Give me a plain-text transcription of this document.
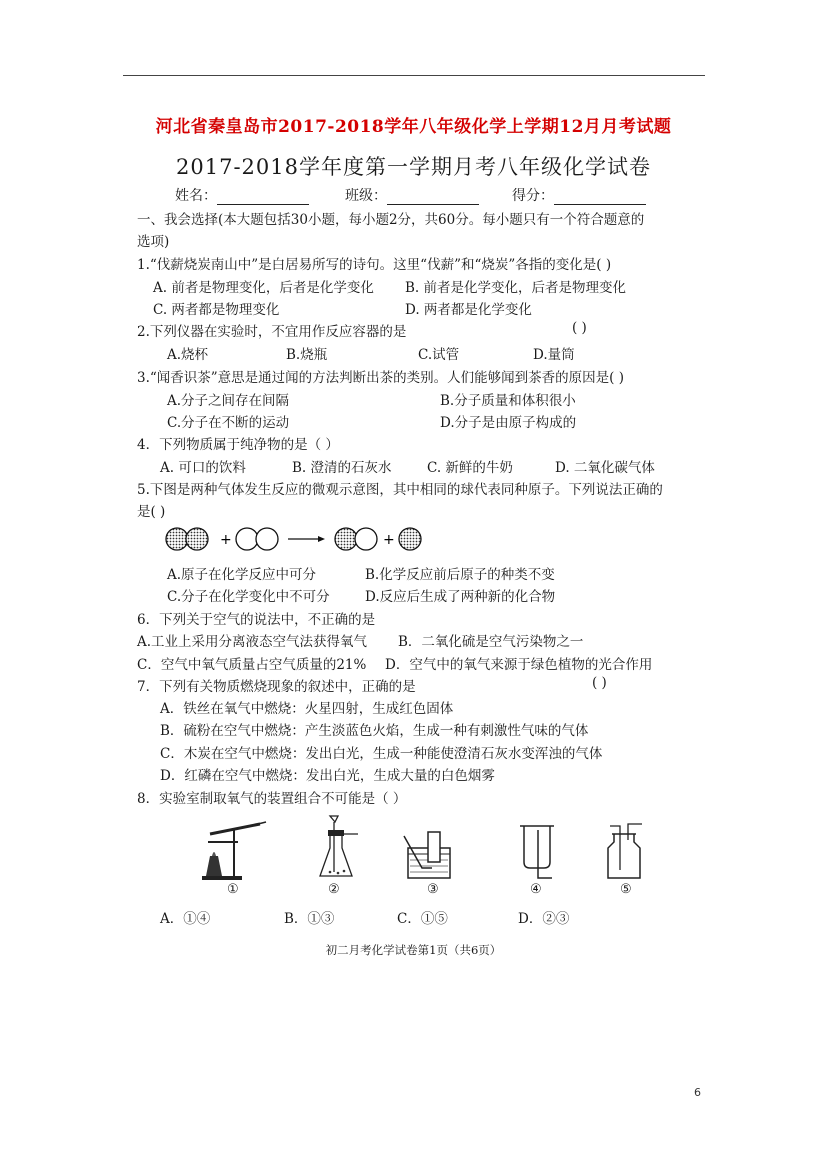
河北省秦皇岛市2017-2018学年八年级化学上学期12月月考试题
2017-2018学年度第一学期月考八年级化学试卷
姓名：	班级：	得分：
一、我会选择(本大题包括30小题，每小题2分，共60分。每小题只有一个符合题意的
选项)
1.“伐薪烧炭南山中”是白居易所写的诗句。这里“伐薪”和“烧炭”各指的变化是( )
A. 前者是物理变化，后者是化学变化 B. 前者是化学变化，后者是物理变化
C. 两者都是物理变化	D. 两者都是化学变化
2.下列仪器在实验时，不宜用作反应容器的是	( )
A.烧杯	B.烧瓶	C.试管	D.量筒
3.“闻香识茶”意思是通过闻的方法判断出茶的类别。人们能够闻到茶香的原因是( )
A.分子之间存在间隔	B.分子质量和体积很小
C.分子在不断的运动	D.分子是由原子构成的
4．下列物质属于纯净物的是（ ）
A. 可口的饮料	B. 澄清的石灰水	C. 新鲜的牛奶	D. 二氧化碳气体
5.下图是两种气体发生反应的微观示意图，其中相同的球代表同种原子。下列说法正确的
是( )
+	+
A.原子在化学反应中可分	B.化学反应前后原子的种类不变
C.分子在化学变化中不可分	D.反应后生成了两种新的化合物
6．下列关于空气的说法中，不正确的是
A.工业上采用分离液态空气法获得氧气 B．二氧化硫是空气污染物之一
C．空气中氧气质量占空气质量的21% D．空气中的氧气来源于绿色植物的光合作用
7．下列有关物质燃烧现象的叙述中，正确的是	( )
A．铁丝在氧气中燃烧：火星四射，生成红色固体
B．硫粉在空气中燃烧：产生淡蓝色火焰，生成一种有刺激性气味的气体
C．木炭在空气中燃烧：发出白光，生成一种能使澄清石灰水变浑浊的气体
D．红磷在空气中燃烧：发出白光，生成大量的白色烟雾
8．实验室制取氧气的装置组合不可能是（ ）
①	②	③	④	⑤
A．①④	B．①③	C．①⑤	D．②③
初二月考化学试卷第1页（共6页）
6
